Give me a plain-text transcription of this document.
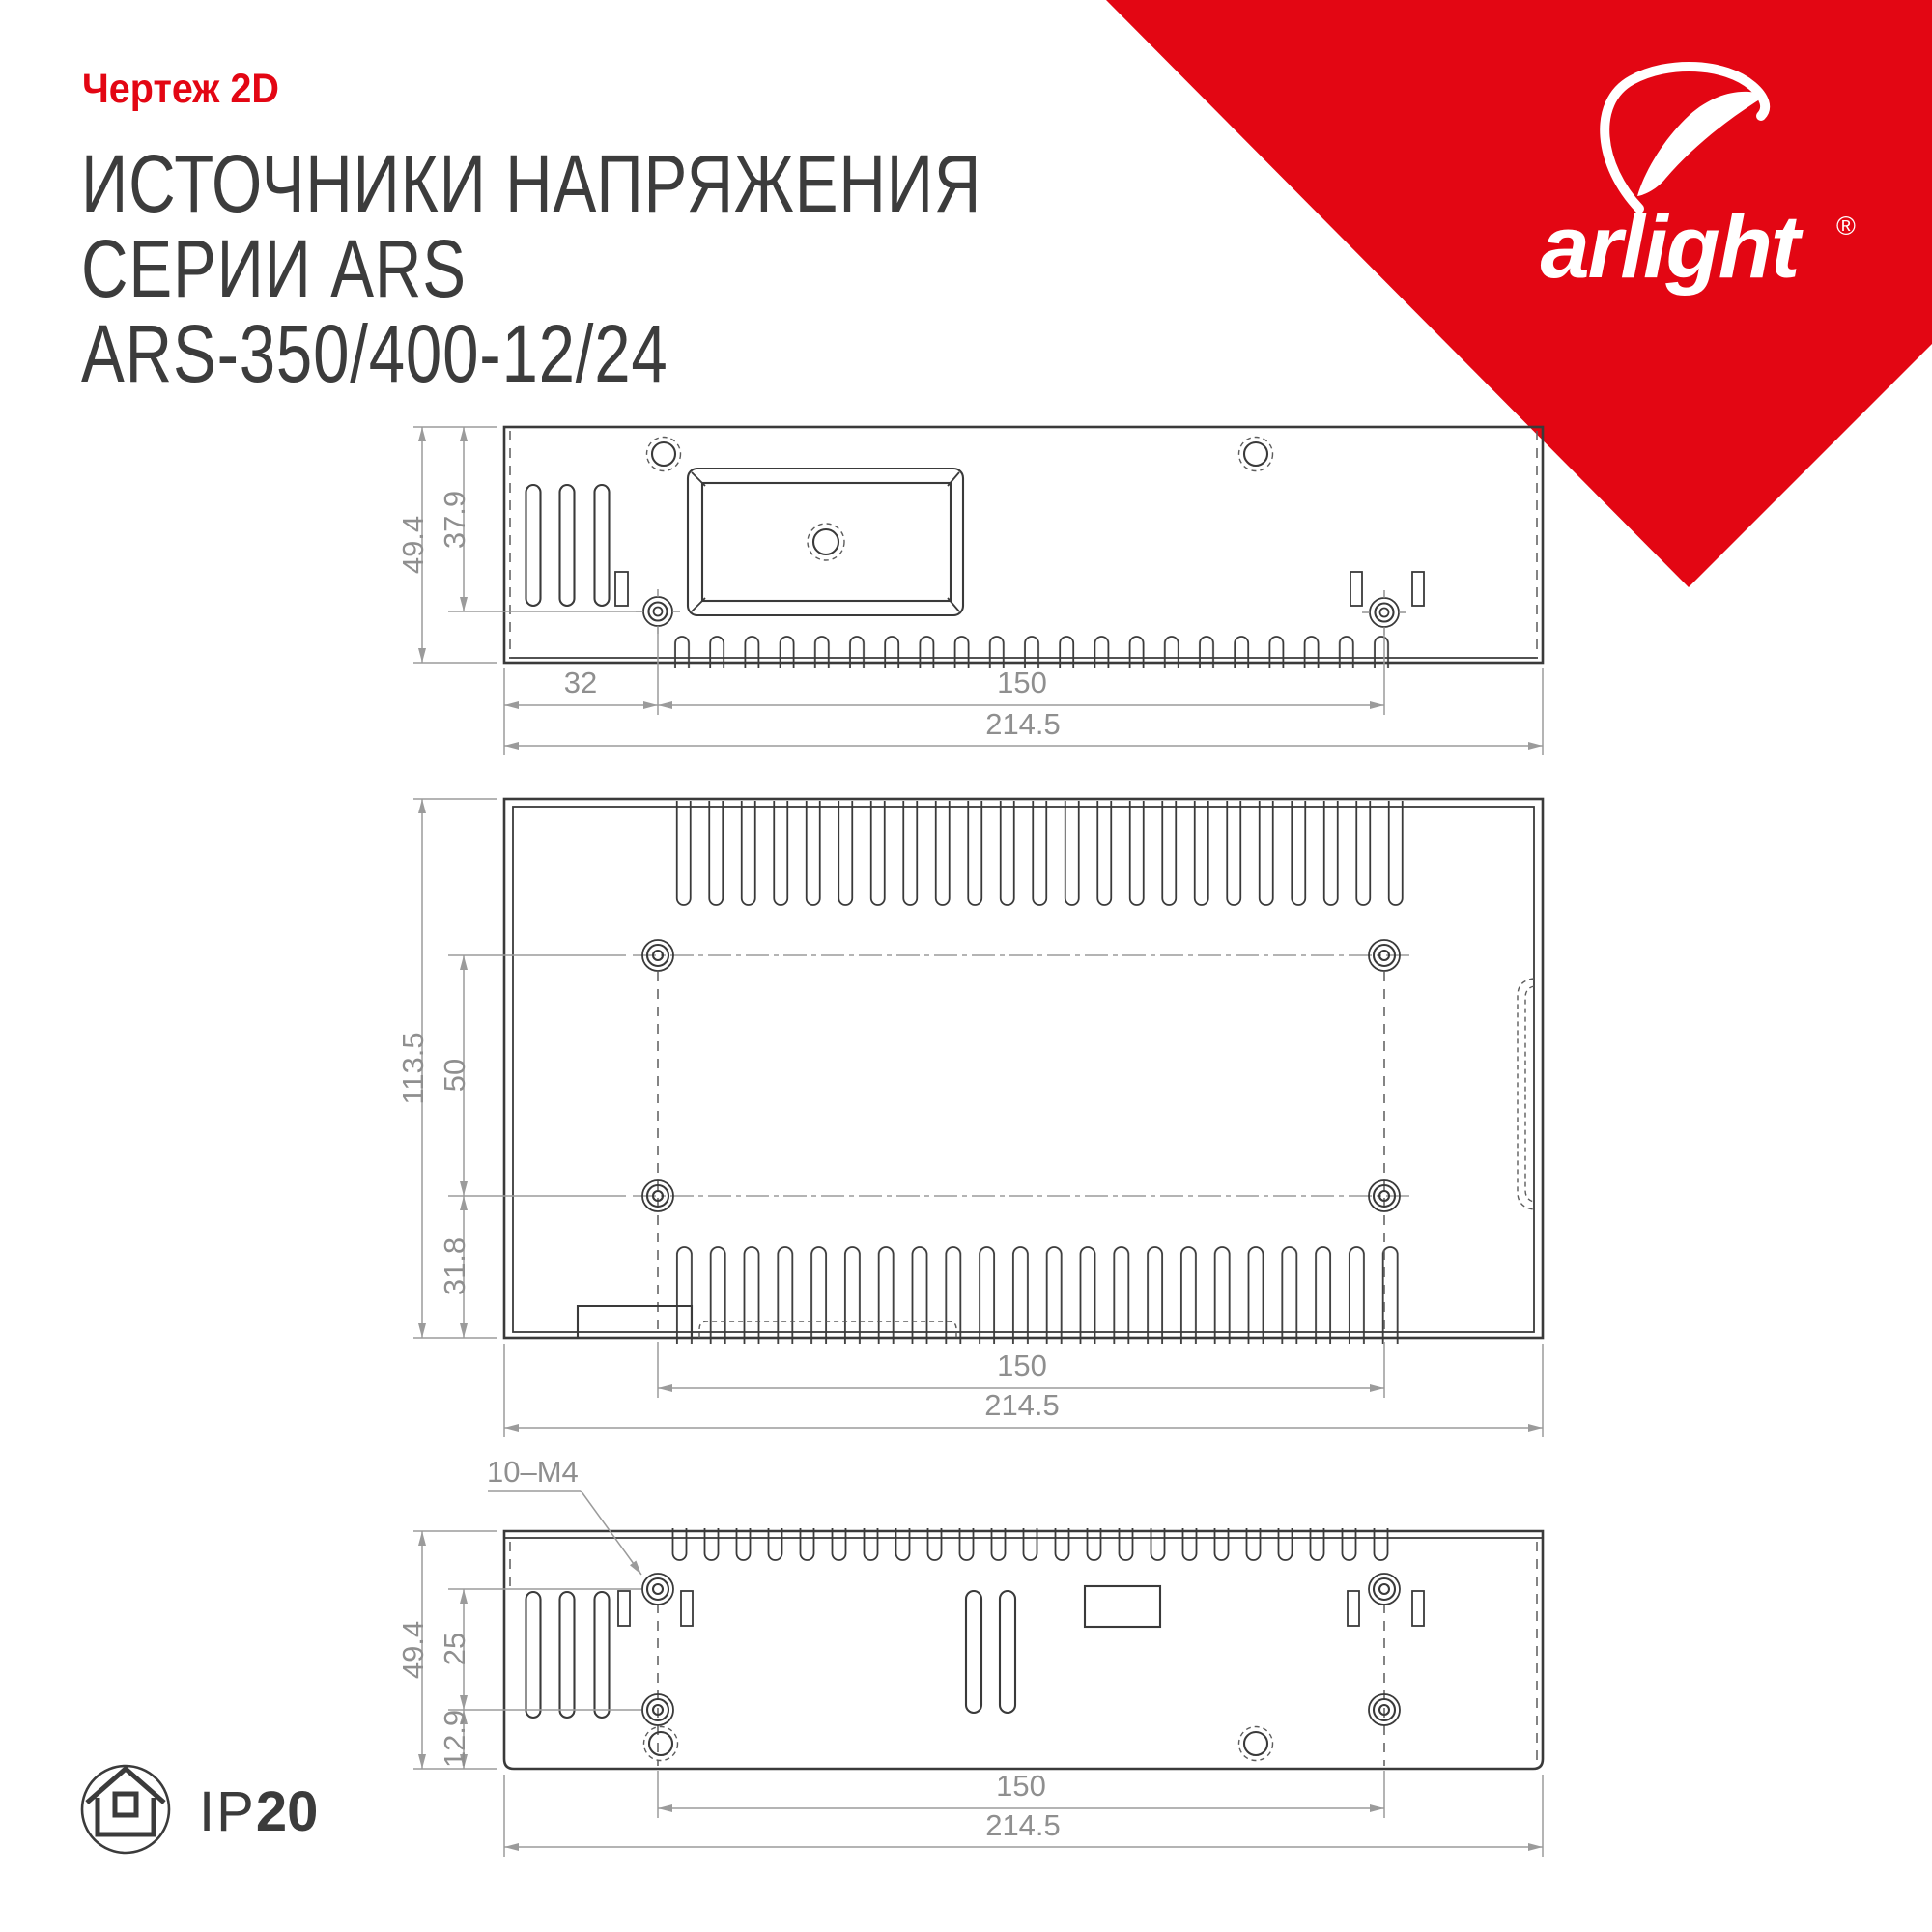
Чертеж 2D
ИСТОЧНИКИ НАПРЯЖЕНИЯ
СЕРИИ ARS
ARS-350/400-12/24
arlight ®
49.4 37.9
32	150
214.5
113.5 50
31.8
150
214.5
10–M4
49.4 25
12.9
150
214.5
IP20
